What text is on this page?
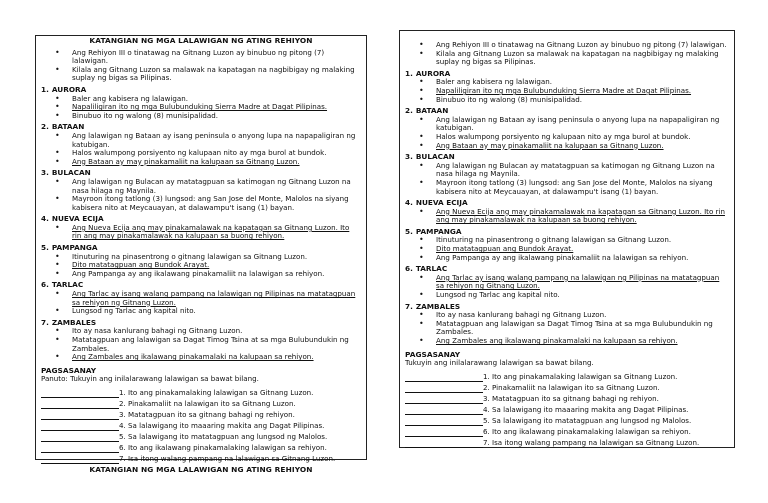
KATANGIAN NG MGA LALAWIGAN NG ATING REHIYON
• Ang Rehiyon III o tinatawag na Gitnang Luzon ay binubuo ng pitong (7) lalawigan.
• Kilala ang Gitnang Luzon sa malawak na kapatagan na nagbibigay ng malaking suplay ng bigas sa Pilipinas.
1. AURORA
• Baler ang kabisera ng lalawigan.
• Napaliligiran ito ng mga Bulubunduking Sierra Madre at Dagat Pilipinas.
• Binubuo ito ng walong (8) munisipalidad.
2. BATAAN
• Ang lalawigan ng Bataan ay isang peninsula o anyong lupa na napapaligiran ng katubigan.
• Halos walumpong porsiyento ng kalupaan nito ay mga burol at bundok.
• Ang Bataan ay may pinakamaliit na kalupaan sa Gitnang Luzon.
3. BULACAN
• Ang lalawigan ng Bulacan ay matatagpuan sa katimogan ng Gitnang Luzon na nasa hilaga ng Maynila.
• Mayroon itong tatlong (3) lungsod: ang San Jose del Monte, Malolos na siyang kabisera nito at Meycauayan, at dalawampu't isang (1) bayan.
4. NUEVA ECIJA
• Ang Nueva Ecija ang may pinakamalawak na kapatagan sa Gitnang Luzon. Ito rin ang may pinakamalawak na kalupaan sa buong rehiyon.
5. PAMPANGA
• Itinuturing na pinasentrong o gitnang lalawigan sa Gitnang Luzon.
• Dito matatagpuan ang Bundok Arayat.
• Ang Pampanga ay ang ikalawang pinakamaliit na lalawigan sa rehiyon.
6. TARLAC
• Ang Tarlac ay isang walang pampang na lalawigan ng Pilipinas na matatagpuan sa rehiyon ng Gitnang Luzon.
• Lungsod ng Tarlac ang kapital nito.
7. ZAMBALES
• Ito ay nasa kanlurang bahagi ng Gitnang Luzon.
• Matatagpuan ang lalawigan sa Dagat Timog Tsina at sa mga Bulubundukin ng Zambales.
• Ang Zambales ang ikalawang pinakamalaki na kalupaan sa rehiyon.
PAGSASANAY
Panuto: Tukuyin ang inilalarawang lalawigan sa bawat bilang.
1. Ito ang pinakamalaking lalawigan sa Gitnang Luzon.
2. Pinakamaliit na lalawigan ito sa Gitnang Luzon.
3. Matatagpuan ito sa gitnang bahagi ng rehiyon.
4. Sa lalawigang ito maaaring makita ang Dagat Pilipinas.
5. Sa lalawigang ito matatagpuan ang lungsod ng Malolos.
6. Ito ang ikalawang pinakamalaking lalawigan sa rehiyon.
7. Isa itong walang pampang na lalawigan sa Gitnang Luzon.
KATANGIAN NG MGA LALAWIGAN NG ATING REHIYON
• Ang Rehiyon III o tinatawag na Gitnang Luzon ay binubuo ng pitong (7) lalawigan.
• Kilala ang Gitnang Luzon sa malawak na kapatagan na nagbibigay ng malaking suplay ng bigas sa Pilipinas.
1. AURORA
• Baler ang kabisera ng lalawigan.
• Napaliligiran ito ng mga Bulubunduking Sierra Madre at Dagat Pilipinas.
• Binubuo ito ng walong (8) munisipalidad.
2. BATAAN
• Ang lalawigan ng Bataan ay isang peninsula o anyong lupa na napapaligiran ng katubigan.
• Halos walumpong porsiyento ng kalupaan nito ay mga burol at bundok.
• Ang Bataan ay may pinakamaliit na kalupaan sa Gitnang Luzon.
3. BULACAN
• Ang lalawigan ng Bulacan ay matatagpuan sa katimogan ng Gitnang Luzon na nasa hilaga ng Maynila.
• Mayroon itong tatlong (3) lungsod: ang San Jose del Monte, Malolos na siyang kabisera nito at Meycauayan, at dalawampu't isang (1) bayan.
4. NUEVA ECIJA
• Ang Nueva Ecija ang may pinakamalawak na kapatagan sa Gitnang Luzon. Ito rin ang may pinakamalawak na kalupaan sa buong rehiyon.
5. PAMPANGA
• Itinuturing na pinasentrong o gitnang lalawigan sa Gitnang Luzon.
• Dito matatagpuan ang Bundok Arayat.
• Ang Pampanga ay ang ikalawang pinakamaliit na lalawigan sa rehiyon.
6. TARLAC
• Ang Tarlac ay isang walang pampang na lalawigan ng Pilipinas na matatagpuan sa rehiyon ng Gitnang Luzon.
• Lungsod ng Tarlac ang kapital nito.
7. ZAMBALES
• Ito ay nasa kanlurang bahagi ng Gitnang Luzon.
• Matatagpuan ang lalawigan sa Dagat Timog Tsina at sa mga Bulubundukin ng Zambales.
• Ang Zambales ang ikalawang pinakamalaki na kalupaan sa rehiyon.
PAGSASANAY
Tukuyin ang inilalarawang lalawigan sa bawat bilang.
1. Ito ang pinakamalaking lalawigan sa Gitnang Luzon.
2. Pinakamaliit na lalawigan ito sa Gitnang Luzon.
3. Matatagpuan ito sa gitnang bahagi ng rehiyon.
4. Sa lalawigang ito maaaring makita ang Dagat Pilipinas.
5. Sa lalawigang ito matatagpuan ang lungsod ng Malolos.
6. Ito ang ikalawang pinakamalaking lalawigan sa rehiyon.
7. Isa itong walang pampang na lalawigan sa Gitnang Luzon.
